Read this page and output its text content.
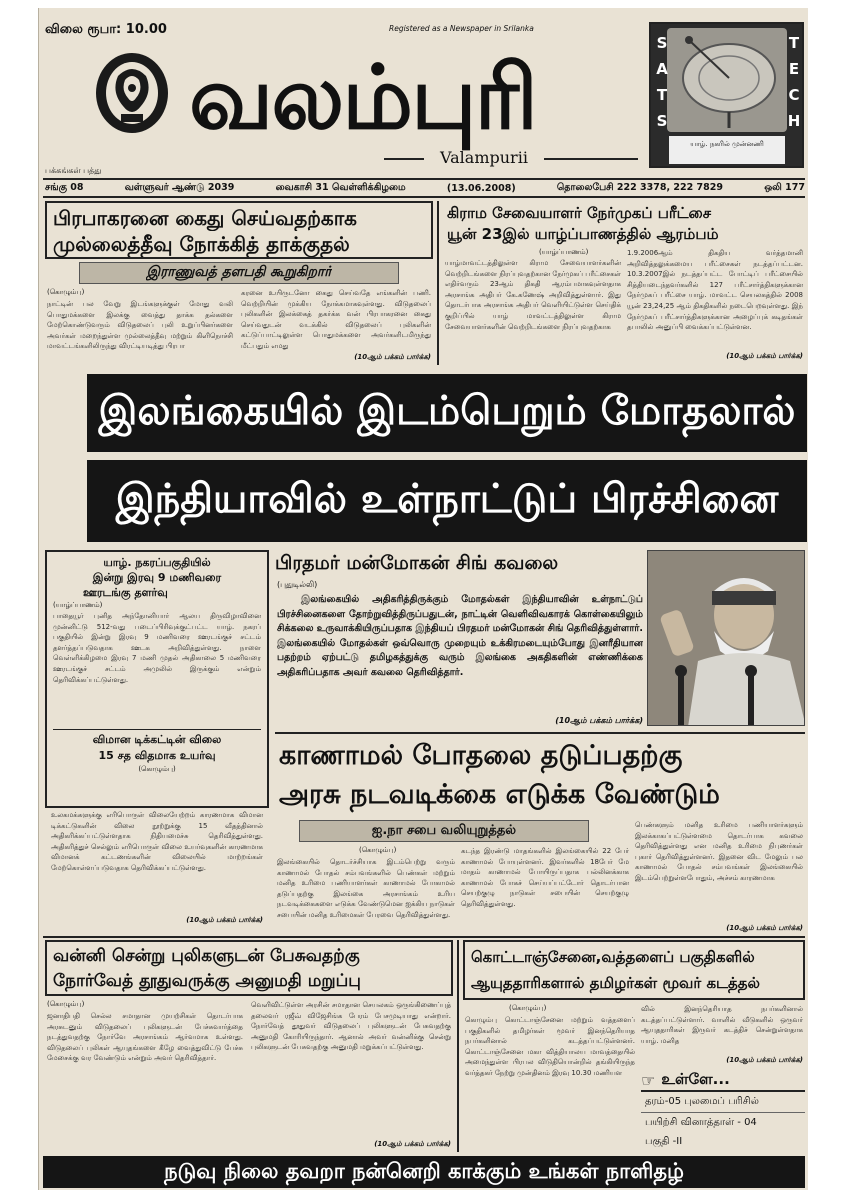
விலை ரூபா: 10.00	Registered as a Newspaper in Srilanka
வலம்புரி
Valampurii
SATS
TECH
யாழ். நகரில் முன்னணி
பக்கங்கள் பத்து
சங்கு 08	வள்ளுவர் ஆண்டு 2039	வைகாசி 31 வெள்ளிக்கிழமை	(13.06.2008)	தொலைபேசி 222 3378, 222 7829	ஒலி 177
பிரபாகரனை கைது செய்வதற்காக
முல்லைத்தீவு நோக்கித் தாக்குதல்
இராணுவத் தளபதி கூறுகிறார்
(கொழும்பு)
நாட்டின் பல வேறு இடங்களுக்குள் மோது வலி பொதுமக்களை இலக்கு வைத்து தாக்க தல்களை மேற்கொண்டுவரும் விடுதலைப் புலி உறுப்பினர்களை அவர்கள் மறைந்துள்ள முல்லைத்தீவு மற்றும் கிளிநொச்சி மாவட்டங்களிலிருந்து விரட்டியடித்து பிரபா
கரனை உயிருடனோ கைது செய்வதே எங்களின் பணி. வெற்றியின் முக்கிய நோக்கமாகவுள்ளது. விடுதலைப் புலிகளின் இலக்கைத் தகர்க்க வன் பிரபாகரனை கைது செய்வதுடன் வடக்கில் விடுதலைப் புலிகளின் கட்டுப்பாட்டிலுள்ள பொதுமக்களை அவர்களிடமிருந்து மீட்பதும் எமது
(10ஆம் பக்கம் பார்க்க)
கிராம சேவையாளர் நேர்முகப் பரீட்சை
யூன் 23இல் யாழ்ப்பாணத்தில் ஆரம்பம்
(யாழ்ப்பாணம்)
யாழ்மாவட்டத்திலுள்ள கிராம சேவையாளர்களின் வெற்றிடங்களை நிரப்புவதற்கான நேர்முகப் பரீட்சைகள் எதிர்வரும் 23ஆம் திகதி ஆரம்பமாகவுள்ளதாக அரசாங்க அதிபர் கே.கணேஷ் அறிவித்துள்ளார். இது தொடர்பாக அரசாங்க அதிபர் வெளியிட்டுள்ள செய்திக் குறிப்பில் யாழ் மாவட்டத்திலுள்ள கிராம சேவையாளர்களின் வெற்றிடங்களை நிரப்புவதற்காக
1.9.2006ஆம் திகதிய வர்த்தமானி அறிவித்தலுக்கமைய பரீட்சைகள் நடத்தப்பட்டன. 10.3.2007இல் நடத்தப்பட்ட போட்டிப் பரீட்சையில் சித்தியடைந்தவர்களில் 127 பரீட்சார்த்திகளுக்கான நேர்முகப் பரீட்சை யாழ். மாவட்ட செயலகத்தில் 2008 யூன் 23,24,25 ஆம் திகதிகளில் நடைபெறவுள்ளது. இந் நேர்முகப் பரீட்சார்த்திகளுக்கான அழைப்புக் கடிதங்கள் தபாலில் அனுப்பி வைக்கப்பட்டுள்ளன.
(10ஆம் பக்கம் பார்க்க)
இலங்கையில் இடம்பெறும் மோதலால்
இந்தியாவில் உள்நாட்டுப் பிரச்சினை
யாழ். நகரப்பகுதியில்
இன்று இரவு 9 மணிவரை
ஊரடங்கு தளர்வு
(யாழ்ப்பாணம்)
பாதையூர் புனித அந்தோனியார் ஆலய திருவிழாவினை முன்னிட்டு 512-வது படைப்பிரிவுக்குட்பட்ட யாழ். நகரப் பகுதியில் இன்று இரவு 9 மணிவரை ஊரடங்குச் சட்டம் தளர்த்தப்படுவதாக ஊடக அறிவித்துள்ளது. நாளை வெள்ளிக்கிழமை இரவு 7 மணி முதல் அதிகாலை 5 மணிவரை ஊரடங்குச் சட்டம் அமுலில் இருக்கும் என்றும் தெரிவிக்கப்பட்டுள்ளது.
விமான டிக்கட்டின் விலை
15 சத விதமாக உயர்வு
(கொழும்பு)
உலகமக்களுக்கு எரிபொருள் விலையேற்றம் காரணமாக விமான டிக்கட்டுகளின் விலை நூற்றுக்கு 15 வீதத்தினால் அதிகரிக்கப்பட்டுள்ளதாக நிதியமைச்சு தெரிவித்துள்ளது. அதிகரித்துச் செல்லும் எரிபொருள் விலை உயர்வுகளின் காரணமாக விமானக் கட்டணங்களின் விலையில் மாற்றங்கள் மேற்கொள்ளப்படுவதாக தெரிவிக்கப்பட்டுள்ளது.
(10ஆம் பக்கம் பார்க்க)
பிரதமர் மன்மோகன் சிங் கவலை
(புதுடில்லி)
இலங்கையில் அதிகரித்திருக்கும் மோதல்கள் இந்தியாவின் உள்நாட்டுப் பிரச்சினைகளை தோற்றுவித்திருப்பதுடன், நாட்டின் வெளிவிவகாரக் கொள்கையிலும் சிக்கலை உருவாக்கியிருப்பதாக இந்தியப் பிரதமர் மன்மோகன் சிங் தெரிவித்துள்ளார். இலங்கையில் மோதல்கள் ஒவ்வொரு முறையும் உக்கிரமடையும்போது இனரீதியான பதற்றம் ஏற்பட்டு தமிழகத்துக்கு வரும் இலங்கை அகதிகளின் எண்ணிக்கை அதிகரிப்பதாக அவர் கவலை தெரிவித்தார்.
(10ஆம் பக்கம் பார்க்க)
காணாமல் போதலை தடுப்பதற்கு
அரசு நடவடிக்கை எடுக்க வேண்டும்
ஐ.நா சபை வலியுறுத்தல்
(கொழும்பு)
இலங்கையில் தொடர்ச்சியாக இடம்பெற்று வரும் காணாமல் போதல் சம்பவங்களில் பெண்கள் மற்றும் மனித உரிமை பணியாளர்கள் காணாமல் போகாமல் தடுப்பதற்கு இலங்கை அரசாங்கம் உரிய நடவடிக்கைகளை எடுக்க வேண்டுமென ஐக்கிய நாடுகள் சபையின் மனித உரிமைகள் பேரவை தெரிவித்துள்ளது.
கடந்த இரண்டு மாதங்களில் இலங்கையில் 22 பேர் காணாமல் போயுள்ளனர். இவர்களில் 18பேர் மே மாதம் காணாமல் போயிருப்பதாக பல்லினக்காக காணாமல் போகச் செய்யப்பட்டோர் தொடர்பான செயற்குழு நாடுகள் சபையின் செயற்குழு தெரிவித்துள்ளது.
பெண்களும் மனித உரிமை பணியாளர்களும் இலக்காகப்பட்டுள்ளமை தொடர்பாக கவலை தெரிவித்துள்ளது என மனித உரிமை நிபுணர்கள் புகார் தெரிவித்துள்ளனர். இதனை விட மேலும் பல காணாமல் போதல் சம்பவங்கள் இலங்கையில் இடம்பெற்றுள்ளபோதும், அச்சம் காரணமாக
(10ஆம் பக்கம் பார்க்க)
வன்னி சென்று புலிகளுடன் பேசுவதற்கு
நோர்வேத் தூதுவருக்கு அனுமதி மறுப்பு
(கொழும்பு)
ஜனாதிபதி செல்ல சமாதான முயற்சிகள் தொடர்பாக அரசுடனும் விடுதலைப் புலிகளுடன் பேச்சுவார்த்தை நடத்துவதற்கு நோர்வே அரசாங்கம் ஆர்வமாக உள்ளது. விடுதலைப் புலிகள் ஆயுதங்களை கீழே வைத்துவிட்டு பேச்சு மேசைக்கு வர வேண்டும் என்றும் அவர் தெரிவித்தார்.
வெளிவிட்டுள்ள அரசின் சமாதான செயலகம் ஒருங்கிணைப்புத் தலைவர் ரஜீவ் விஜேசிங்க பேரம் பேசமுடியாது என்றார். நோர்வேத் தூதுவர் விடுதலைப் புலிகளுடன் பேசுவதற்கு அனுமதி கோரியிருந்தார். ஆனால் அவர் வன்னிக்கு சென்று புலிகளுடன் பேசுவதற்கு அனுமதி மறுக்கப்பட்டுள்ளது.
(10ஆம் பக்கம் பார்க்க)
கொட்டாஞ்சேனை,வத்தளைப் பகுதிகளில்
ஆயுததாரிகளால் தமிழர்கள் மூவர் கடத்தல்
(கொழும்பு)
கொழும்பு கொட்டாஞ்சேனை மற்றும் வத்தளைப் பகுதிகளில் தமிழர்கள் மூவர் இனந்தெரியாத நபர்களினால் கடத்தப்பட்டுள்ளனர். கொட்டாஞ்சேனை மகா வித்தியாலய மாவத்தையில் அமைந்துள்ள பிரபல விடுதியொன்றில் தங்கியிருந்த வர்த்தகர் நேற்று முன்தினம் இரவு 10.30 மணியள
வில் இனந்தெரியாத நபர்களினால் கடத்தப்பட்டுள்ளார். வாளில் வீடுகளில் ஒருவர் ஆயுததாரிகள் இருவர் கடத்திச் சென்றுள்ளதாக யாழ். மனித
(10ஆம் பக்கம் பார்க்க)
☞ உள்ளே...
தரம்-05 புலமைப் பரிசில்
பயிற்சி வினாத்தாள் - 04
பகுதி -II
நடுவு நிலை தவறா நன்னெறி காக்கும் உங்கள் நாளிதழ்
